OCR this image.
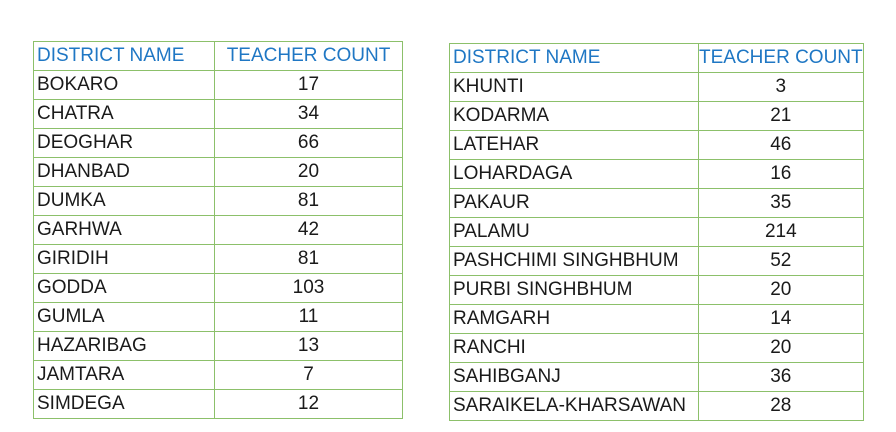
DISTRICT NAME	TEACHER COUNT
BOKARO	17
CHATRA	34
DEOGHAR	66
DHANBAD	20
DUMKA	81
GARHWA	42
GIRIDIH	81
GODDA	103
GUMLA	11
HAZARIBAG	13
JAMTARA	7
SIMDEGA	12
DISTRICT NAME	TEACHER COUNT
KHUNTI	3
KODARMA	21
LATEHAR	46
LOHARDAGA	16
PAKAUR	35
PALAMU	214
PASHCHIMI SINGHBHUM	52
PURBI SINGHBHUM	20
RAMGARH	14
RANCHI	20
SAHIBGANJ	36
SARAIKELA-KHARSAWAN	28
